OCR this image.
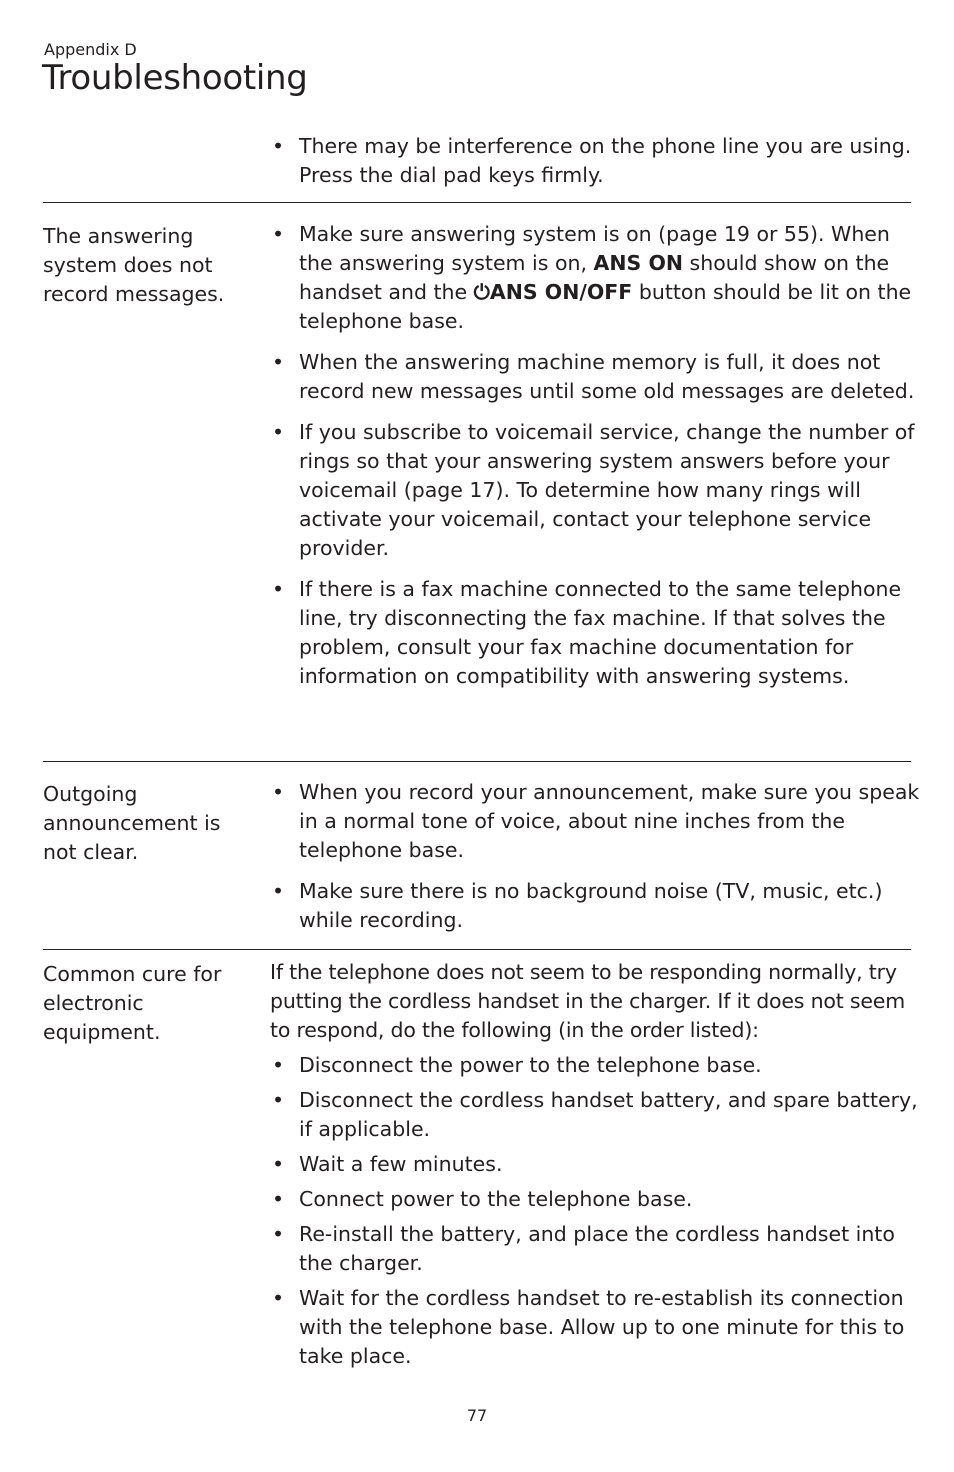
Appendix D
Troubleshooting
• There may be interference on the phone line you are using. Press the dial pad keys firmly.
The answering system does not record messages.
• Make sure answering system is on (page 19 or 55). When the answering system is on, ANS ON should show on the handset and the ⏻ANS ON/OFF button should be lit on the telephone base.
• When the answering machine memory is full, it does not record new messages until some old messages are deleted.
• If you subscribe to voicemail service, change the number of rings so that your answering system answers before your voicemail (page 17). To determine how many rings will activate your voicemail, contact your telephone service provider.
• If there is a fax machine connected to the same telephone line, try disconnecting the fax machine. If that solves the problem, consult your fax machine documentation for information on compatibility with answering systems.
Outgoing announcement is not clear.
• When you record your announcement, make sure you speak in a normal tone of voice, about nine inches from the telephone base.
• Make sure there is no background noise (TV, music, etc.) while recording.
Common cure for electronic equipment.

If the telephone does not seem to be responding normally, try putting the cordless handset in the charger. If it does not seem to respond, do the following (in the order listed):

• Disconnect the power to the telephone base.
• Disconnect the cordless handset battery, and spare battery, if applicable.
• Wait a few minutes.
• Connect power to the telephone base.
• Re-install the battery, and place the cordless handset into the charger.
• Wait for the cordless handset to re-establish its connection with the telephone base. Allow up to one minute for this to take place.
77
